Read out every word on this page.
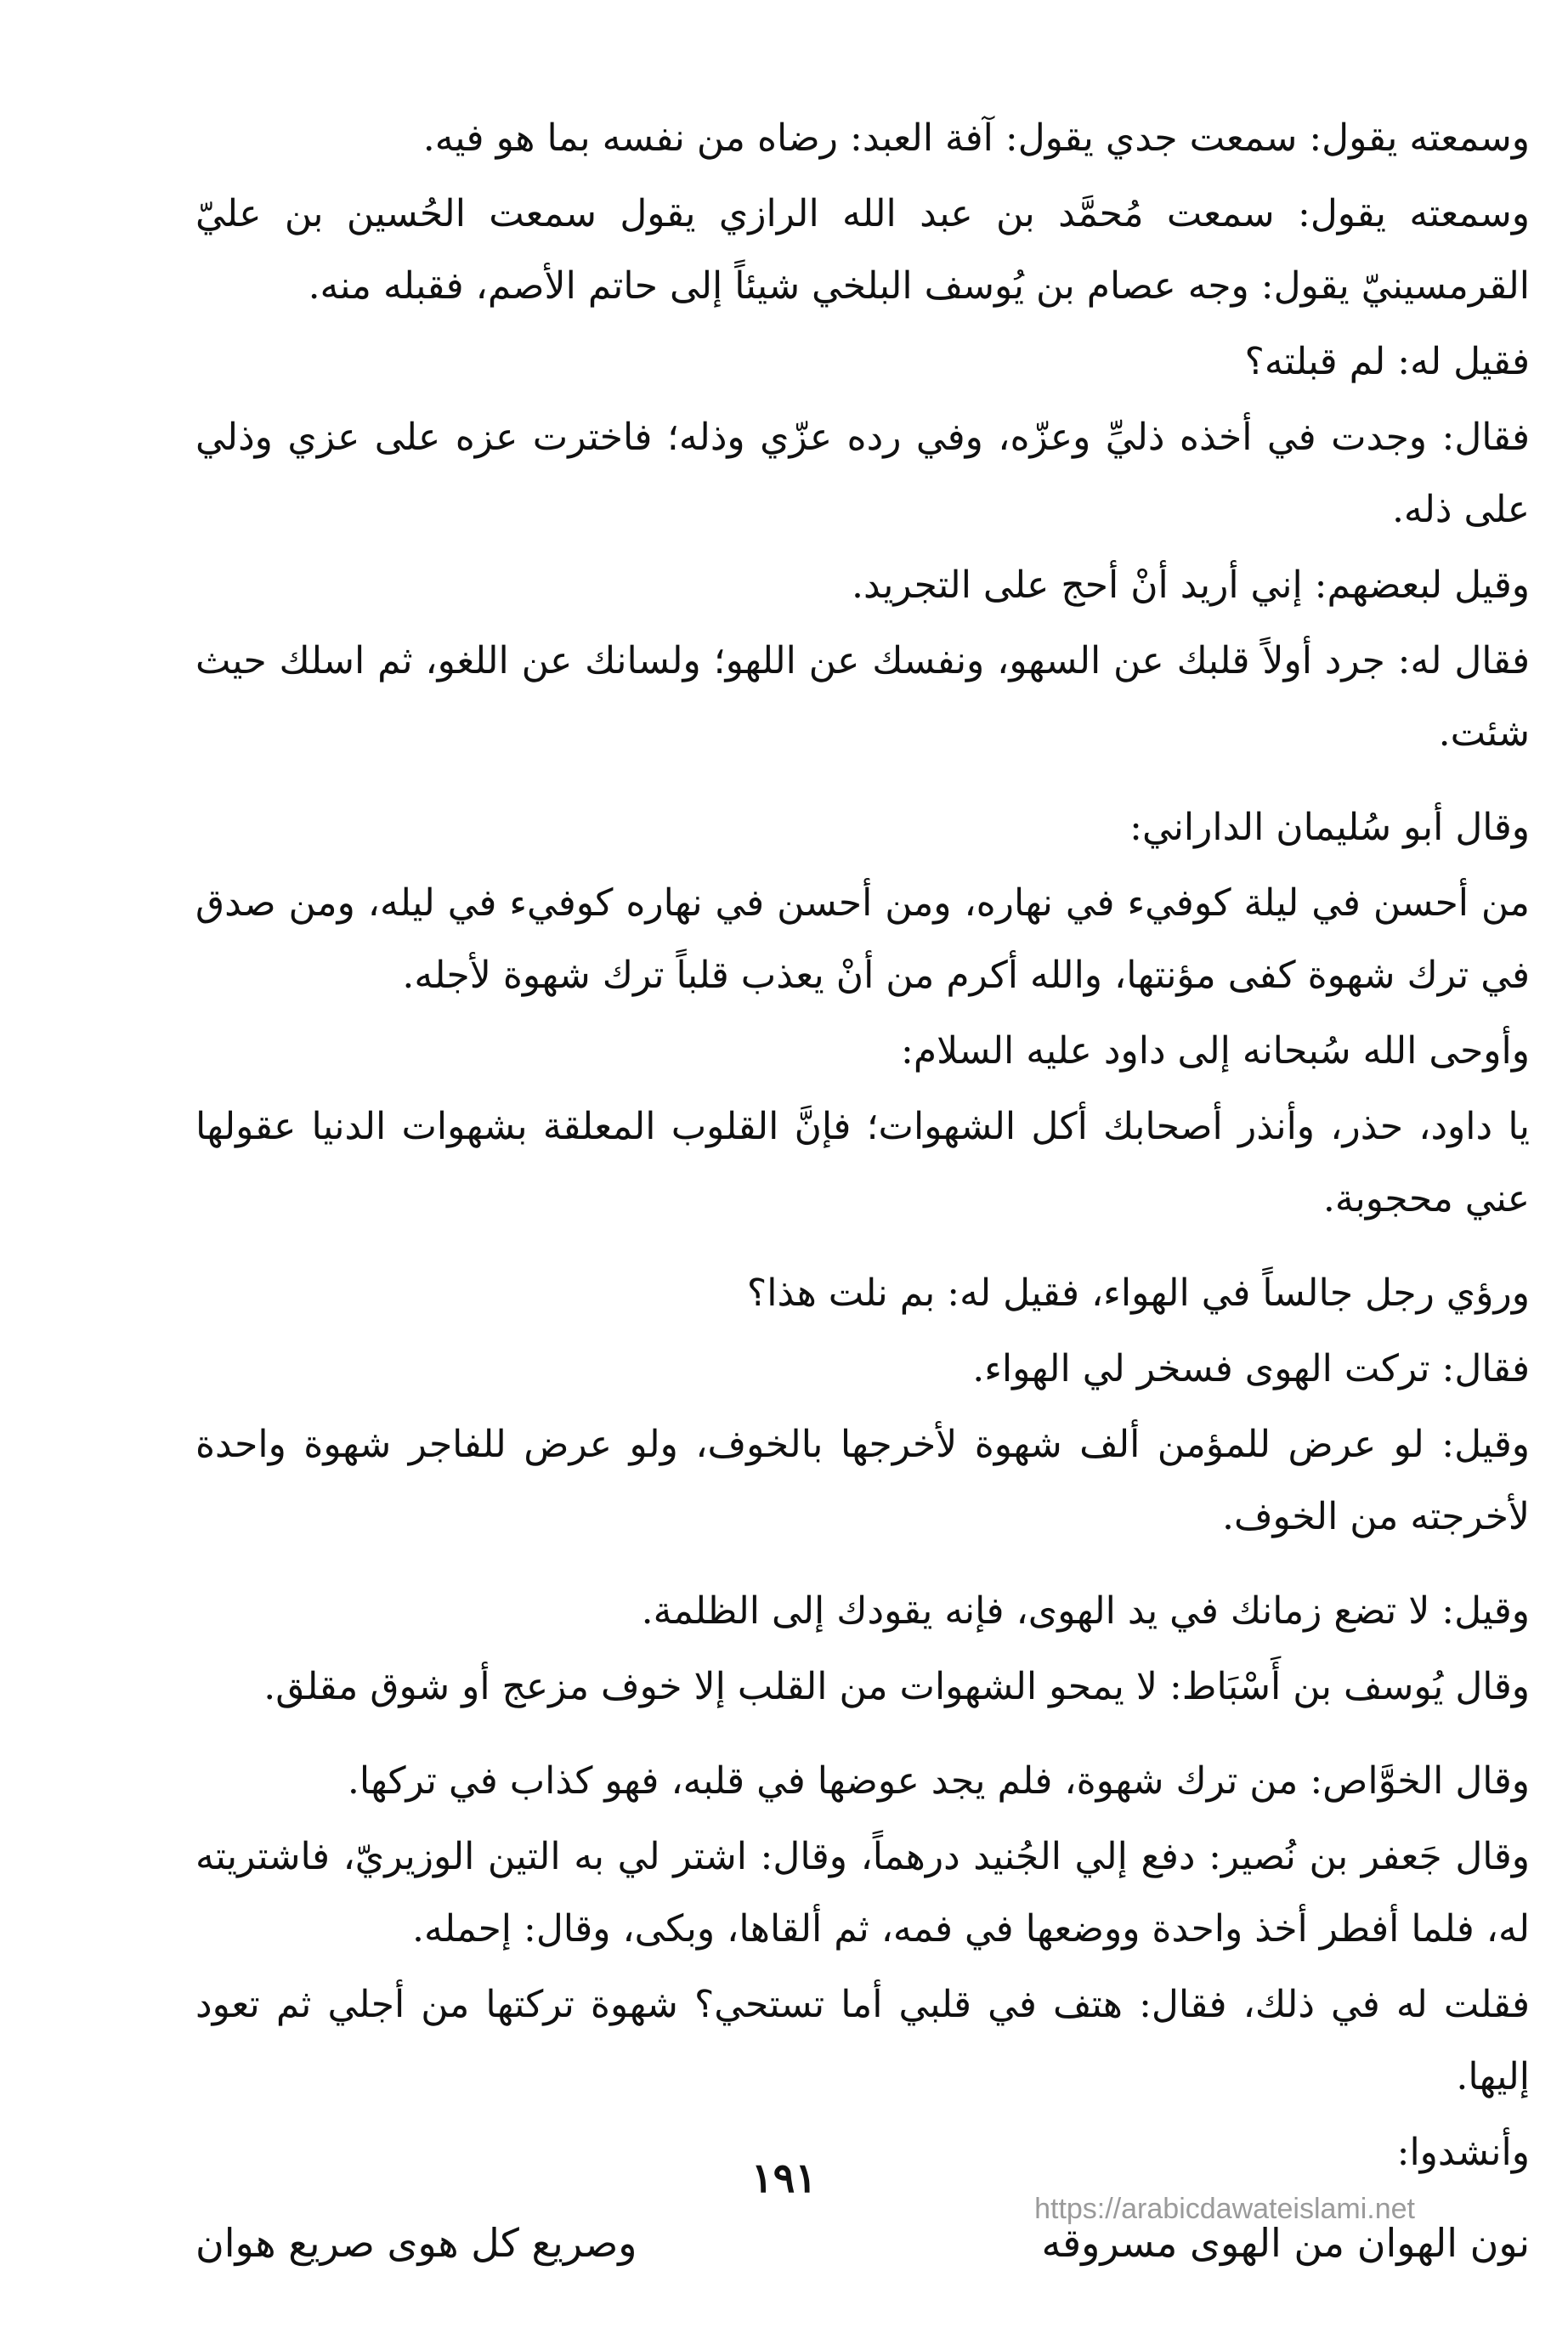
وسمعته يقول: سمعت جدي يقول: آفة العبد: رضاه من نفسه بما هو فيه.

وسمعته يقول: سمعت مُحمَّد بن عبد الله الرازي يقول سمعت الحُسين بن عليّ القرمسينيّ يقول: وجه عصام بن يُوسف البلخي شيئاً إلى حاتم الأصم، فقبله منه.

فقيل له: لم قبلته؟

فقال: وجدت في أخذه ذليِّ وعزّه، وفي رده عزّي وذله؛ فاخترت عزه على عزي وذلي على ذله.

وقيل لبعضهم: إني أريد أنْ أحج على التجريد.

فقال له: جرد أولاً قلبك عن السهو، ونفسك عن اللهو؛ ولسانك عن اللغو، ثم اسلك حيث شئت.

وقال أبو سُليمان الداراني:

من أحسن في ليلة كوفيء في نهاره، ومن أحسن في نهاره كوفيء في ليله، ومن صدق في ترك شهوة كفى مؤنتها، والله أكرم من أنْ يعذب قلباً ترك شهوة لأجله.

وأوحى الله سُبحانه إلى داود عليه السلام:

يا داود، حذر، وأنذر أصحابك أكل الشهوات؛ فإنَّ القلوب المعلقة بشهوات الدنيا عقولها عني محجوبة.

ورؤي رجل جالساً في الهواء، فقيل له: بم نلت هذا؟

فقال: تركت الهوى فسخر لي الهواء.

وقيل: لو عرض للمؤمن ألف شهوة لأخرجها بالخوف، ولو عرض للفاجر شهوة واحدة لأخرجته من الخوف.

وقيل: لا تضع زمانك في يد الهوى، فإنه يقودك إلى الظلمة.

وقال يُوسف بن أَسْبَاط: لا يمحو الشهوات من القلب إلا خوف مزعج أو شوق مقلق.

وقال الخوَّاص: من ترك شهوة، فلم يجد عوضها في قلبه، فهو كذاب في تركها.

وقال جَعفر بن نُصير: دفع إلي الجُنيد درهماً، وقال: اشتر لي به التين الوزيريّ، فاشتريته له، فلما أفطر أخذ واحدة ووضعها في فمه، ثم ألقاها، وبكى، وقال: إحمله.

فقلت له في ذلك، فقال: هتف في قلبي أما تستحي؟ شهوة تركتها من أجلي ثم تعود إليها.

وأنشدوا:

نون الهوان من الهوى مسروقه
وصريع كل هوى صريع هوان
١٩١
https://arabicdawateislami.net
